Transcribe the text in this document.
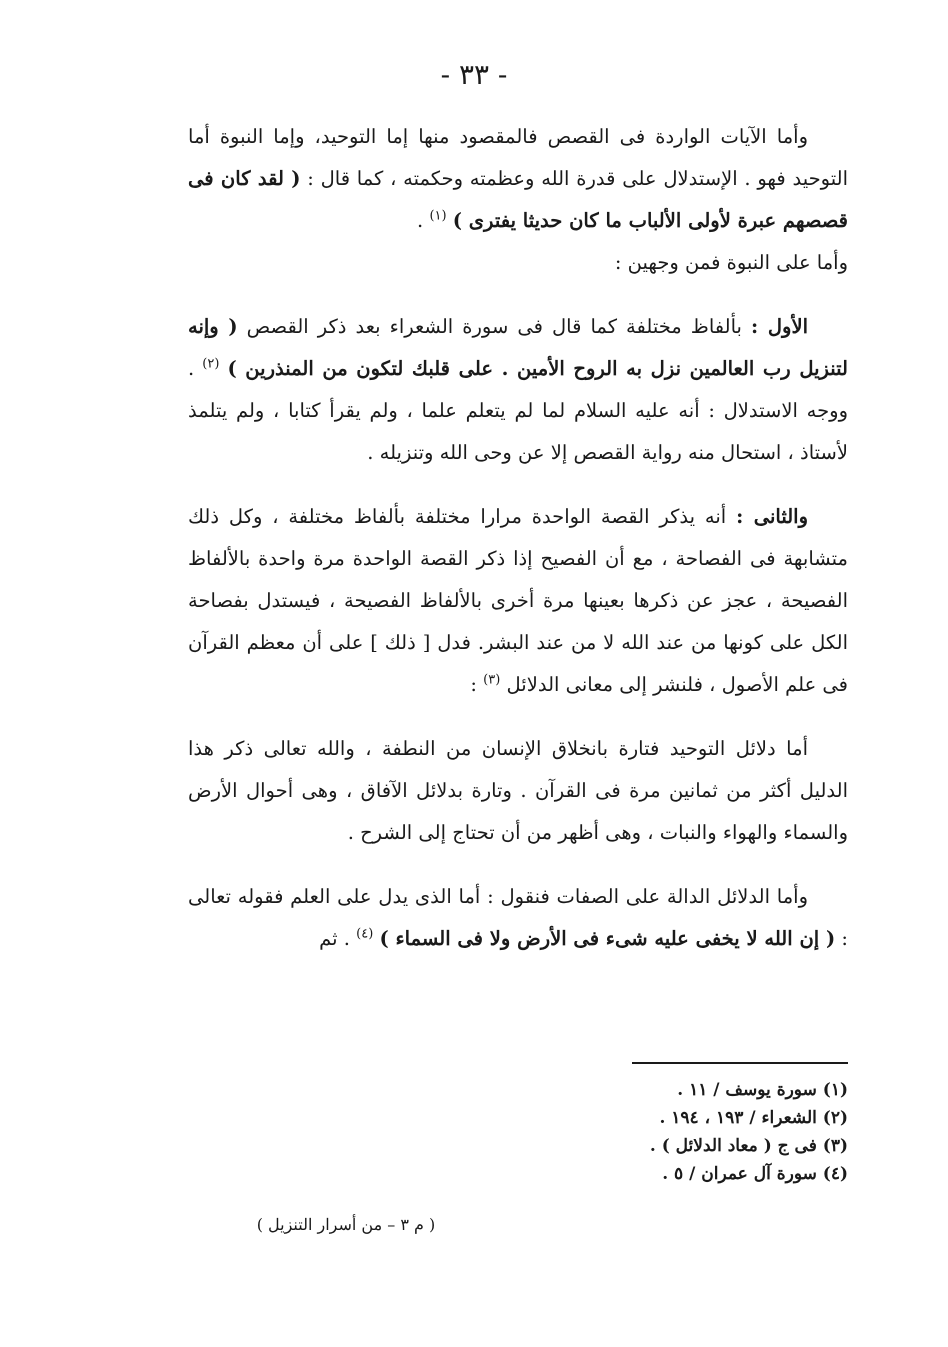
- ٣٣ -

وأما الآيات الواردة فى القصص فالمقصود منها إما التوحيد، وإما النبوة أما التوحيد فهو . الإستدلال على قدرة الله وعظمته وحكمته ، كما قال : ( لقد كان فى قصصهم عبرة لأولى الألباب ما كان حديثا يفترى ) $^{(١)}$ .

وأما على النبوة فمن وجهين :

الأول : بألفاظ مختلفة كما قال فى سورة الشعراء بعد ذكر القصص ( وإنه لتنزيل رب العالمين نزل به الروح الأمين . على قلبك لتكون من المنذرين ) $^{(٢)}$ . ووجه الاستدلال : أنه عليه السلام لما لم يتعلم علما ، ولم يقرأ كتابا ، ولم يتلمذ لأستاذ ، استحال منه رواية القصص إلا عن وحى الله وتنزيله .

والثانى : أنه يذكر القصة الواحدة مرارا مختلفة بألفاظ مختلفة ، وكل ذلك متشابهة فى الفصاحة ، مع أن الفصيح إذا ذكر القصة الواحدة مرة واحدة بالألفاظ الفصيحة ، عجز عن ذكرها بعينها مرة أخرى بالألفاظ الفصيحة ، فيستدل بفصاحة الكل على كونها من عند الله لا من عند البشر. فدل [ ذلك ] على أن معظم القرآن فى علم الأصول ، فلنشر إلى معانى الدلائل $^{(٣)}$ :

أما دلائل التوحيد فتارة بانخلاق الإنسان من النطفة ، والله تعالى ذكر هذا الدليل أكثر من ثمانين مرة فى القرآن . وتارة بدلائل الآفاق ، وهى أحوال الأرض والسماء والهواء والنبات ، وهى أظهر من أن تحتاج إلى الشرح .

وأما الدلائل الدالة على الصفات فنقول : أما الذى يدل على العلم فقوله تعالى : ( إن الله لا يخفى عليه شىء فى الأرض ولا فى السماء ) $^{(٤)}$ . ثم

(١) سورة يوسف / ١١ .
(٢) الشعراء / ١٩٣ ، ١٩٤ .
(٣) فى ج ( معاد الدلائل ) .
(٤) سورة آل عمران / ٥ .
( م ٣ – من أسرار التنزيل )
